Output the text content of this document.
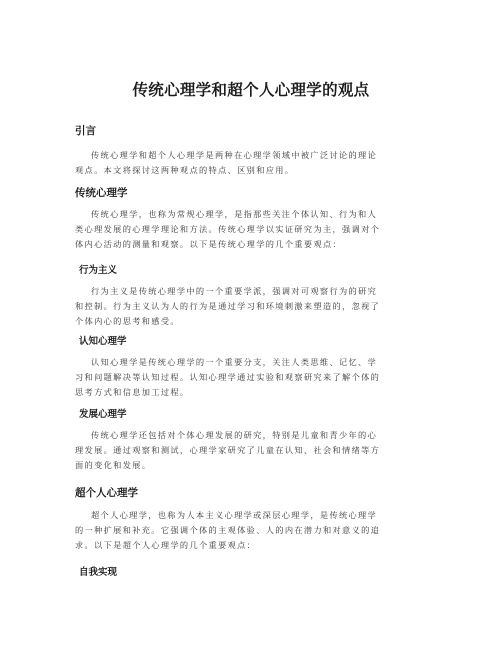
传统心理学和超个人心理学的观点
引言

传统心理学和超个人心理学是两种在心理学领域中被广泛讨论的理论
观点。本文将探讨这两种观点的特点、区别和应用。

传统心理学

传统心理学，也称为常规心理学，是指那些关注个体认知、行为和人
类心理发展的心理学理论和方法。传统心理学以实证研究为主，强调对个
体内心活动的测量和观察。以下是传统心理学的几个重要观点：

行为主义

行为主义是传统心理学中的一个重要学派，强调对可观察行为的研究
和控制。行为主义认为人的行为是通过学习和环境刺激来塑造的，忽视了
个体内心的思考和感受。

认知心理学

认知心理学是传统心理学的一个重要分支，关注人类思维、记忆、学
习和问题解决等认知过程。认知心理学通过实验和观察研究来了解个体的
思考方式和信息加工过程。

发展心理学

传统心理学还包括对个体心理发展的研究，特别是儿童和青少年的心
理发展。通过观察和测试，心理学家研究了儿童在认知、社会和情绪等方
面的变化和发展。

超个人心理学

超个人心理学，也称为人本主义心理学或深层心理学，是传统心理学
的一种扩展和补充。它强调个体的主观体验、人的内在潜力和对意义的追
求。以下是超个人心理学的几个重要观点：

自我实现
